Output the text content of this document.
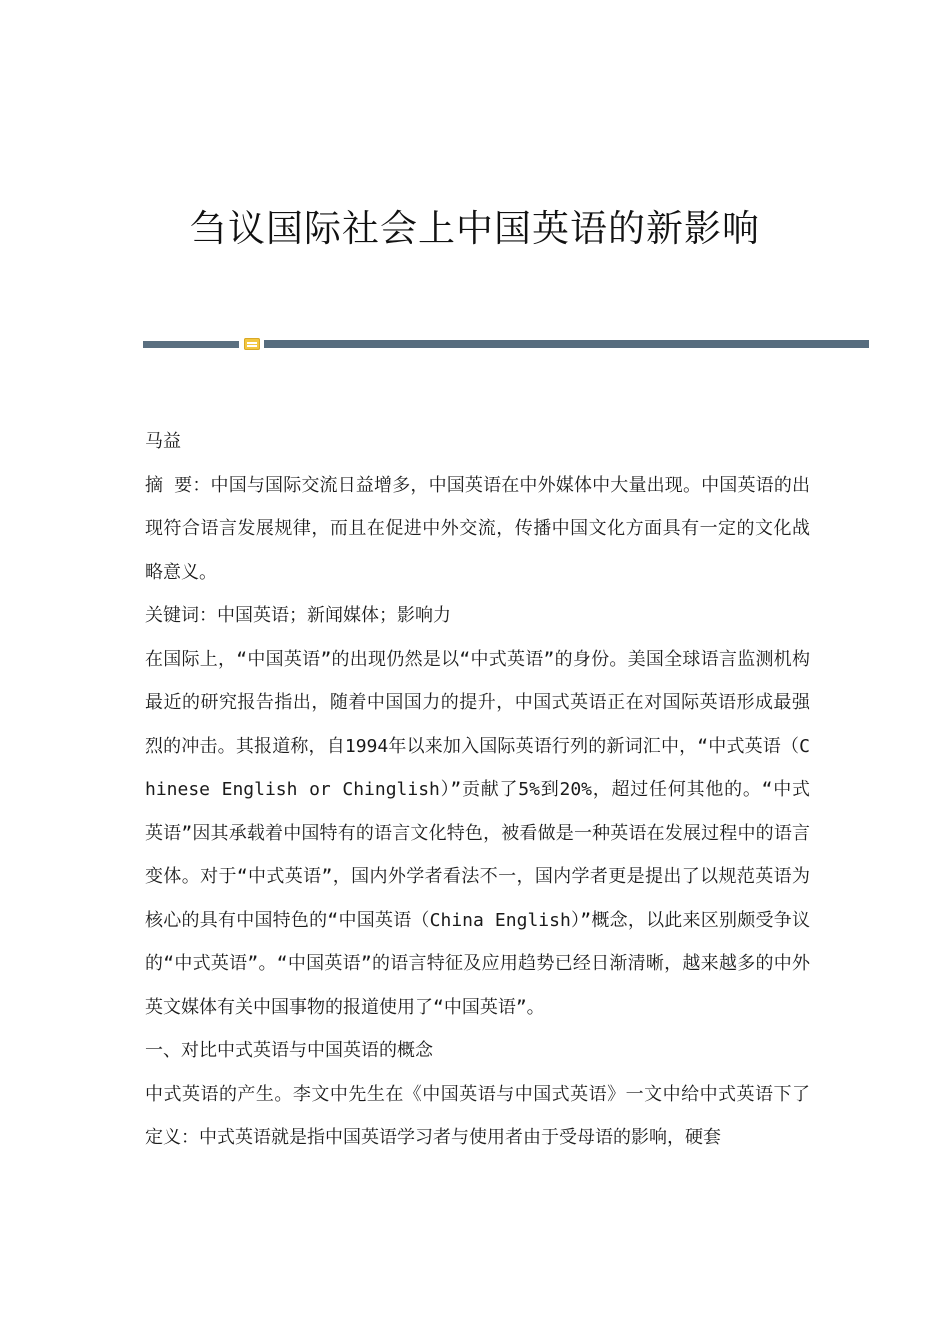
刍议国际社会上中国英语的新影响

马益

摘 要：中国与国际交流日益增多，中国英语在中外媒体中大量出现。中国英语的出现符合语言发展规律，而且在促进中外交流，传播中国文化方面具有一定的文化战略意义。

关键词：中国英语；新闻媒体；影响力

在国际上，“中国英语”的出现仍然是以“中式英语”的身份。美国全球语言监测机构最近的研究报告指出，随着中国国力的提升，中国式英语正在对国际英语形成最强烈的冲击。其报道称，自1994年以来加入国际英语行列的新词汇中，“中式英语（Chinese English or Chinglish）”贡献了5%到20%，超过任何其他的。“中式英语”因其承载着中国特有的语言文化特色，被看做是一种英语在发展过程中的语言变体。对于“中式英语”，国内外学者看法不一，国内学者更是提出了以规范英语为核心的具有中国特色的“中国英语（China English）”概念，以此来区别颇受争议的“中式英语”。“中国英语”的语言特征及应用趋势已经日渐清晰，越来越多的中外英文媒体有关中国事物的报道使用了“中国英语”。

一、对比中式英语与中国英语的概念

中式英语的产生。李文中先生在《中国英语与中国式英语》一文中给中式英语下了定义：中式英语就是指中国英语学习者与使用者由于受母语的影响，硬套
